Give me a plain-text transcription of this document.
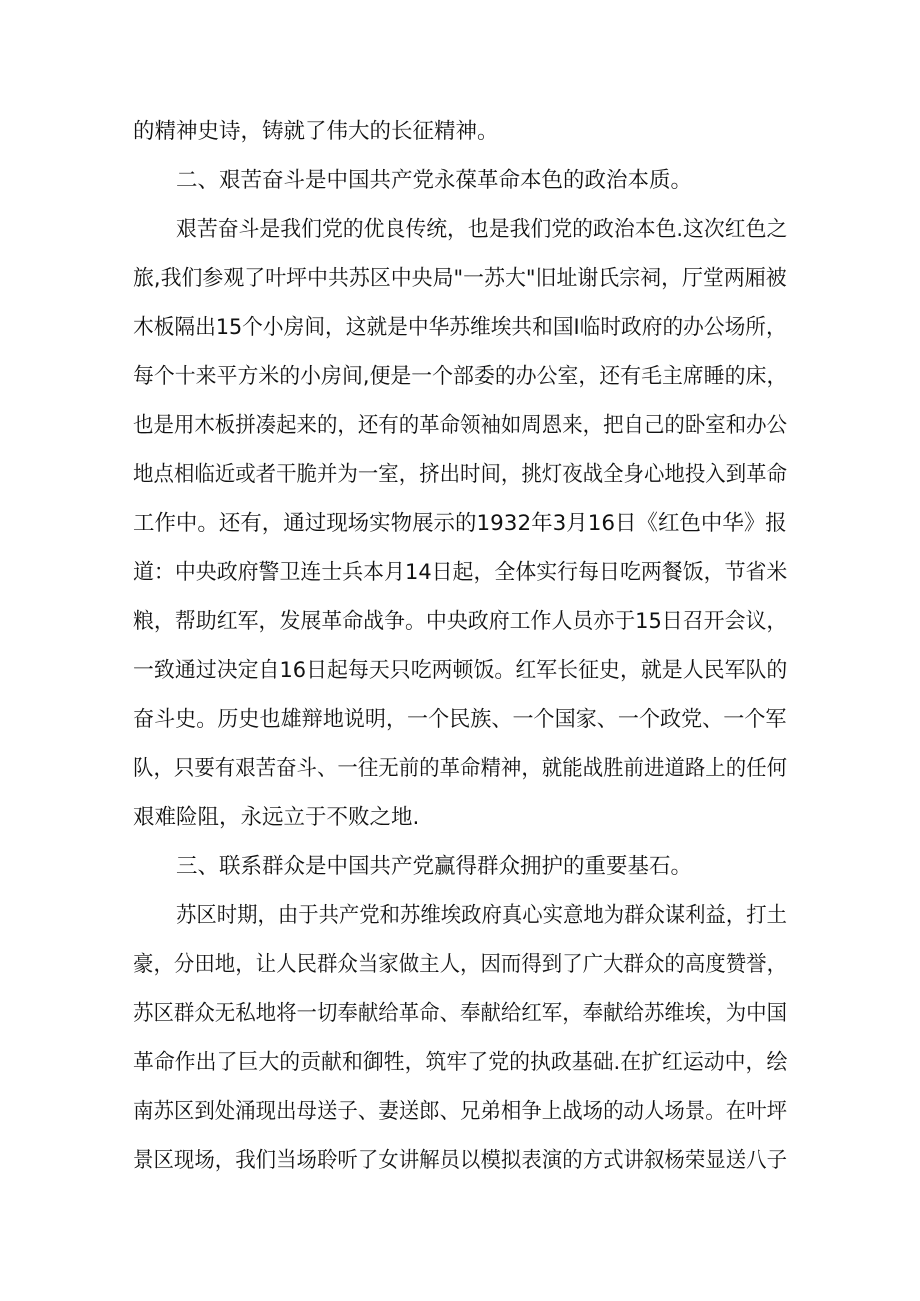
的精神史诗，铸就了伟大的长征精神。

二、艰苦奋斗是中国共产党永葆革命本色的政治本质。

艰苦奋斗是我们党的优良传统，也是我们党的政治本色.这次红色之

旅,我们参观了叶坪中共苏区中央局"一苏大"旧址谢氏宗祠，厅堂两厢被

木板隔出15个小房间，这就是中华苏维埃共和国I临时政府的办公场所，

每个十来平方米的小房间,便是一个部委的办公室，还有毛主席睡的床，

也是用木板拼凑起来的，还有的革命领袖如周恩来，把自己的卧室和办公

地点相临近或者干脆并为一室，挤出时间，挑灯夜战全身心地投入到革命

工作中。还有，通过现场实物展示的1932年3月16日《红色中华》报

道：中央政府警卫连士兵本月14日起，全体实行每日吃两餐饭，节省米

粮，帮助红军，发展革命战争。中央政府工作人员亦于15日召开会议，

一致通过决定自16日起每天只吃两顿饭。红军长征史，就是人民军队的

奋斗史。历史也雄辩地说明，一个民族、一个国家、一个政党、一个军

队，只要有艰苦奋斗、一往无前的革命精神，就能战胜前进道路上的任何

艰难险阻，永远立于不败之地.

三、联系群众是中国共产党赢得群众拥护的重要基石。

苏区时期，由于共产党和苏维埃政府真心实意地为群众谋利益，打土

豪，分田地，让人民群众当家做主人，因而得到了广大群众的高度赞誉，

苏区群众无私地将一切奉献给革命、奉献给红军，奉献给苏维埃，为中国

革命作出了巨大的贡献和御牲，筑牢了党的执政基础.在扩红运动中，绘

南苏区到处涌现出母送子、妻送郎、兄弟相争上战场的动人场景。在叶坪

景区现场，我们当场聆听了女讲解员以模拟表演的方式讲叙杨荣显送八子
